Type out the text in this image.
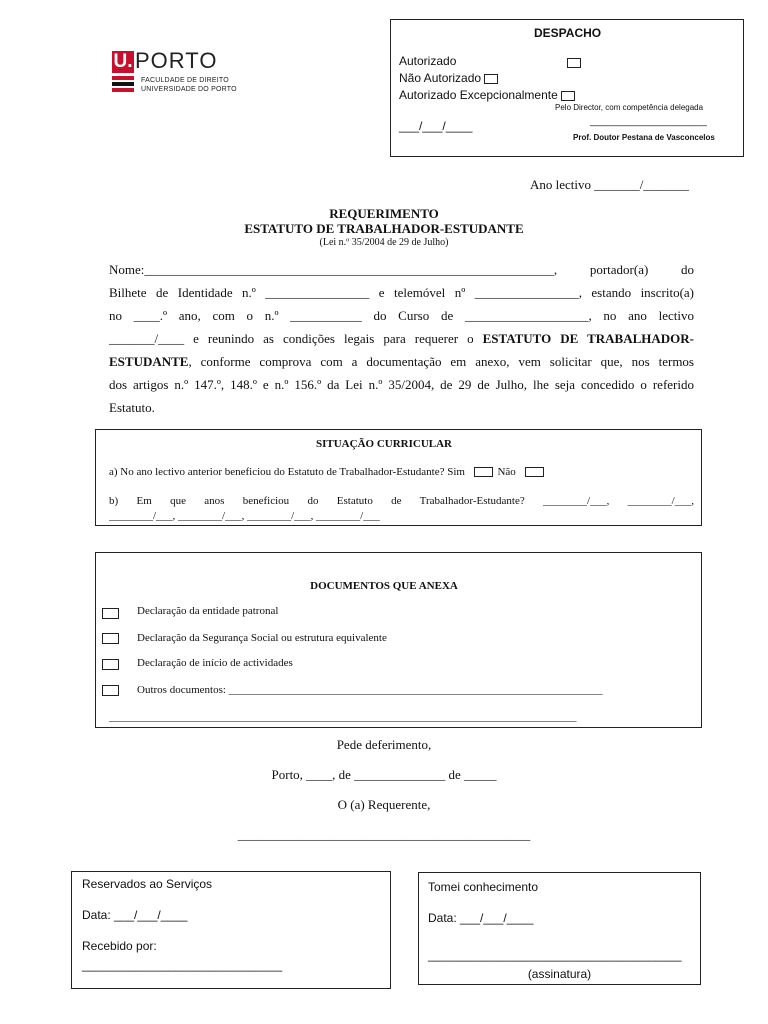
U. PORTO
FACULDADE DE DIREITO
UNIVERSIDADE DO PORTO
DESPACHO
Autorizado
Não Autorizado
Autorizado Excepcionalmente
Pelo Director, com competência delegada
___/___/____	_____________________
Prof. Doutor Pestana de Vasconcelos
Ano lectivo _______/_______
REQUERIMENTO
ESTATUTO DE TRABALHADOR-ESTUDANTE
(Lei n.º 35/2004 de 29 de Julho)
Nome:_______________________________________________________________, portador(a) do
Bilhete de Identidade n.º ________________ e telemóvel nº ________________, estando inscrito(a)
no ____.º ano, com o n.º ___________ do Curso de ___________________, no ano lectivo
_______/____ e reunindo as condições legais para requerer o ESTATUTO DE TRABALHADOR-
ESTUDANTE, conforme comprova com a documentação em anexo, vem solicitar que, nos termos
dos artigos n.º 147.º, 148.º e n.º 156.º da Lei n.º 35/2004, de 29 de Julho, lhe seja concedido o referido
Estatuto.
SITUAÇÃO CURRICULAR
a) No ano lectivo anterior beneficiou do Estatuto de Trabalhador-Estudante? Sim	Não
b) Em que anos beneficiou do Estatuto de Trabalhador-Estudante? ________/___, ________/___,
________/___, ________/___, ________/___, ________/___
DOCUMENTOS QUE ANEXA
Declaração da entidade patronal
Declaração da Segurança Social ou estrutura equivalente
Declaração de início de actividades
Outros documentos: ____________________________________________________________________
_____________________________________________________________________________________
Pede deferimento,
Porto, ____, de ______________ de _____
O (a) Requerente,
_____________________________________________
Reservados ao Serviços
Data: ___/___/____
Recebido por:
______________________________
Tomei conhecimento
Data: ___/___/____
______________________________________
(assinatura)
